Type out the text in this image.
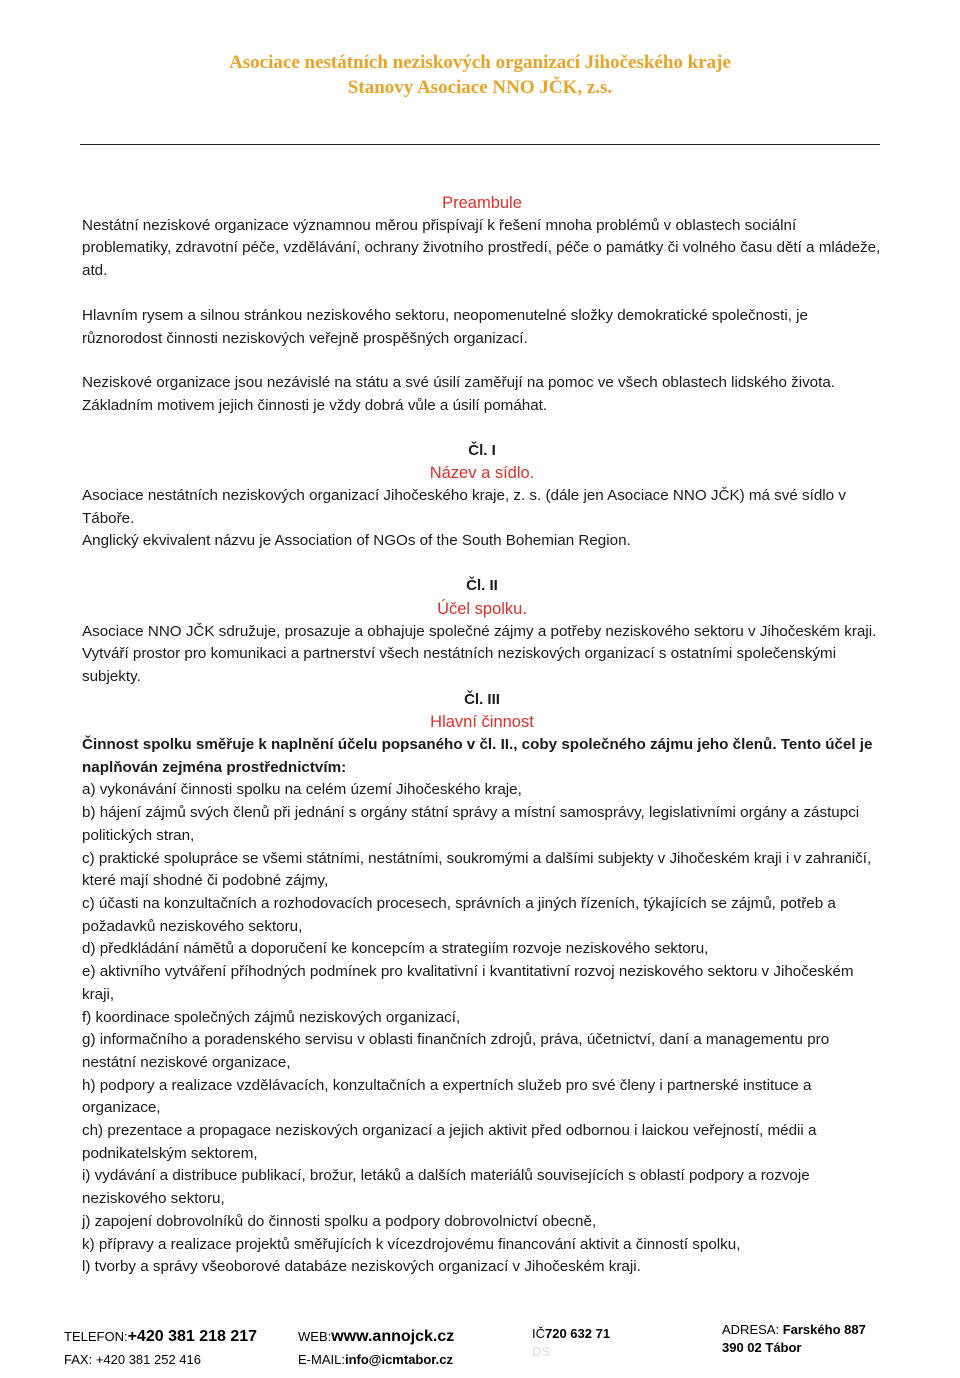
Asociace nestátních neziskových organizací Jihočeského kraje
Stanovy Asociace NNO JČK, z.s.

Preambule

Nestátní neziskové organizace významnou měrou přispívají k řešení mnoha problémů v oblastech sociální problematiky, zdravotní péče, vzdělávání, ochrany životního prostředí, péče o památky či volného času dětí a mládeže, atd.

Hlavním rysem a silnou stránkou neziskového sektoru, neopomenutelné složky demokratické společnosti, je různorodost činnosti neziskových veřejně prospěšných organizací.

Neziskové organizace jsou nezávislé na státu a své úsilí zaměřují na pomoc ve všech oblastech lidského života. Základním motivem jejich činnosti je vždy dobrá vůle a úsilí pomáhat.

Čl. I

Název a sídlo.

Asociace nestátních neziskových organizací Jihočeského kraje, z. s. (dále jen Asociace NNO JČK) má své sídlo v Táboře.

Anglický ekvivalent názvu je Association of NGOs of the South Bohemian Region.

Čl. II

Účel spolku.

Asociace NNO JČK sdružuje, prosazuje a obhajuje společné zájmy a potřeby neziskového sektoru v Jihočeském kraji. Vytváří prostor pro komunikaci a partnerství všech nestátních neziskových organizací s ostatními společenskými subjekty.

Čl. III

Hlavní činnost

Činnost spolku směřuje k naplnění účelu popsaného v čl. II., coby společného zájmu jeho členů. Tento účel je naplňován zejména prostřednictvím:

a) vykonávání činnosti spolku na celém území Jihočeského kraje,

b) hájení zájmů svých členů při jednání s orgány státní správy a místní samosprávy, legislativními orgány a zástupci politických stran,

c) praktické spolupráce se všemi státními, nestátními, soukromými a dalšími subjekty v Jihočeském kraji i v zahraničí, které mají shodné či podobné zájmy,

c) účasti na konzultačních a rozhodovacích procesech, správních a jiných řízeních, týkajících se zájmů, potřeb a požadavků neziskového sektoru,

d) předkládání námětů a doporučení ke koncepcím a strategiím rozvoje neziskového sektoru,

e) aktivního vytváření příhodných podmínek pro kvalitativní i kvantitativní rozvoj neziskového sektoru v Jihočeském kraji,

f) koordinace společných zájmů neziskových organizací,

g) informačního a poradenského servisu v oblasti finančních zdrojů, práva, účetnictví, daní a managementu pro nestátní neziskové organizace,

h) podpory a realizace vzdělávacích, konzultačních a expertních služeb pro své členy i partnerské instituce a organizace,

ch) prezentace a propagace neziskových organizací a jejich aktivit před odbornou i laickou veřejností, médii a podnikatelským sektorem,

i) vydávání a distribuce publikací, brožur, letáků a dalších materiálů souvisejících s oblastí podpory a rozvoje neziskového sektoru,

j) zapojení dobrovolníků do činnosti spolku a podpory dobrovolnictví obecně,

k) přípravy a realizace projektů směřujících k vícezdrojovému financování aktivit a činností spolku,

l) tvorby a správy všeoborové databáze neziskových organizací v Jihočeském kraji.

TELEFON:+420 381 218 217
FAX: +420 381 252 416
WEB:www.annojck.cz
E-MAIL:info@icmtabor.cz
IČ720 632 71
DS
ADRESA: Farského 887
390 02 Tábor
